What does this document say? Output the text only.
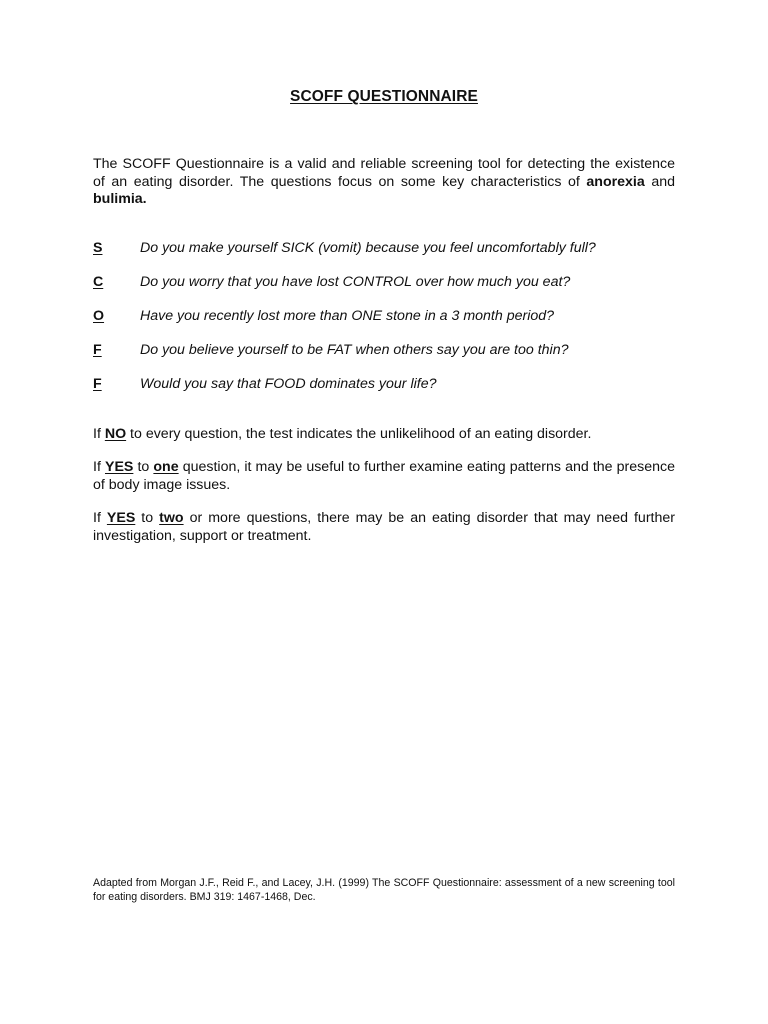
SCOFF QUESTIONNAIRE

The SCOFF Questionnaire is a valid and reliable screening tool for detecting the existence of an eating disorder. The questions focus on some key characteristics of anorexia and bulimia.

S	Do you make yourself SICK (vomit) because you feel uncomfortably full?
C	Do you worry that you have lost CONTROL over how much you eat?
O	Have you recently lost more than ONE stone in a 3 month period?
F	Do you believe yourself to be FAT when others say you are too thin?
F	Would you say that FOOD dominates your life?

If NO to every question, the test indicates the unlikelihood of an eating disorder.

If YES to one question, it may be useful to further examine eating patterns and the presence of body image issues.

If YES to two or more questions, there may be an eating disorder that may need further investigation, support or treatment.

Adapted from Morgan J.F., Reid F., and Lacey, J.H. (1999) The SCOFF Questionnaire: assessment of a new screening tool for eating disorders. BMJ 319: 1467-1468, Dec.
